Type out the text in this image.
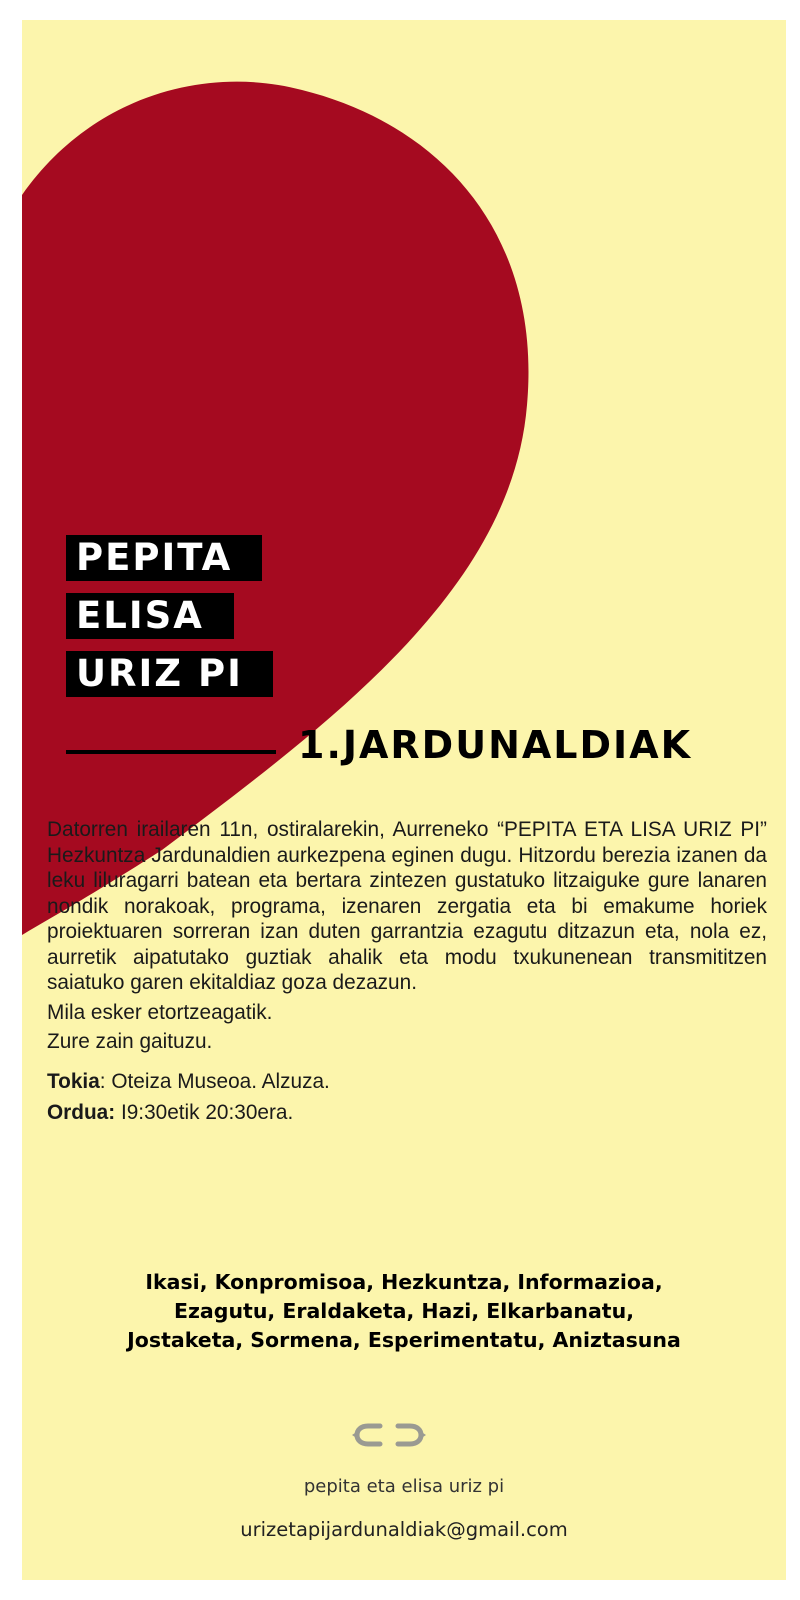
PEPITA
ELISA
URIZ PI
1.JARDUNALDIAK

Datorren irailaren 11n, ostiralarekin, Aurreneko “PEPITA ETA LISA URIZ PI” Hezkuntza Jardunaldien aurkezpena eginen dugu. Hitzordu berezia izanen da leku liluragarri batean eta bertara zintezen gustatuko litzaiguke gure lanaren nondik norakoak, programa, izenaren zergatia eta bi emakume horiek proiektuaren sorreran izan duten garrantzia ezagutu ditzazun eta, nola ez, aurretik aipatutako guztiak ahalik eta modu txukunenean transmititzen saiatuko garen ekitaldiaz goza dezazun.

Mila esker etortzeagatik.

Zure zain gaituzu.

Tokia: Oteiza Museoa. Alzuza.

Ordua: I9:30etik 20:30era.

Ikasi, Konpromisoa, Hezkuntza, Informazioa,
Ezagutu, Eraldaketa, Hazi, Elkarbanatu,
Jostaketa, Sormena, Esperimentatu, Aniztasuna
pepita eta elisa uriz pi
urizetapijardunaldiak@gmail.com
